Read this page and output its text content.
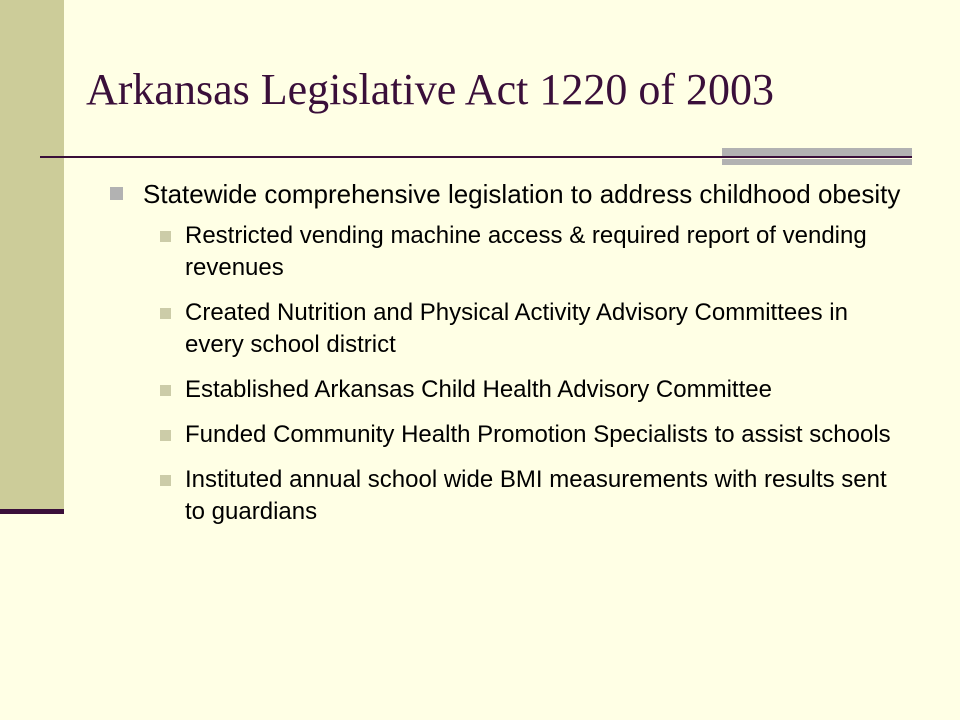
Arkansas Legislative Act 1220 of 2003
Statewide comprehensive legislation to address childhood obesity
Restricted vending machine access & required report of vending revenues
Created Nutrition and Physical Activity Advisory Committees in every school district
Established Arkansas Child Health Advisory Committee
Funded Community Health Promotion Specialists to assist schools
Instituted annual school wide BMI measurements with results sent to guardians
